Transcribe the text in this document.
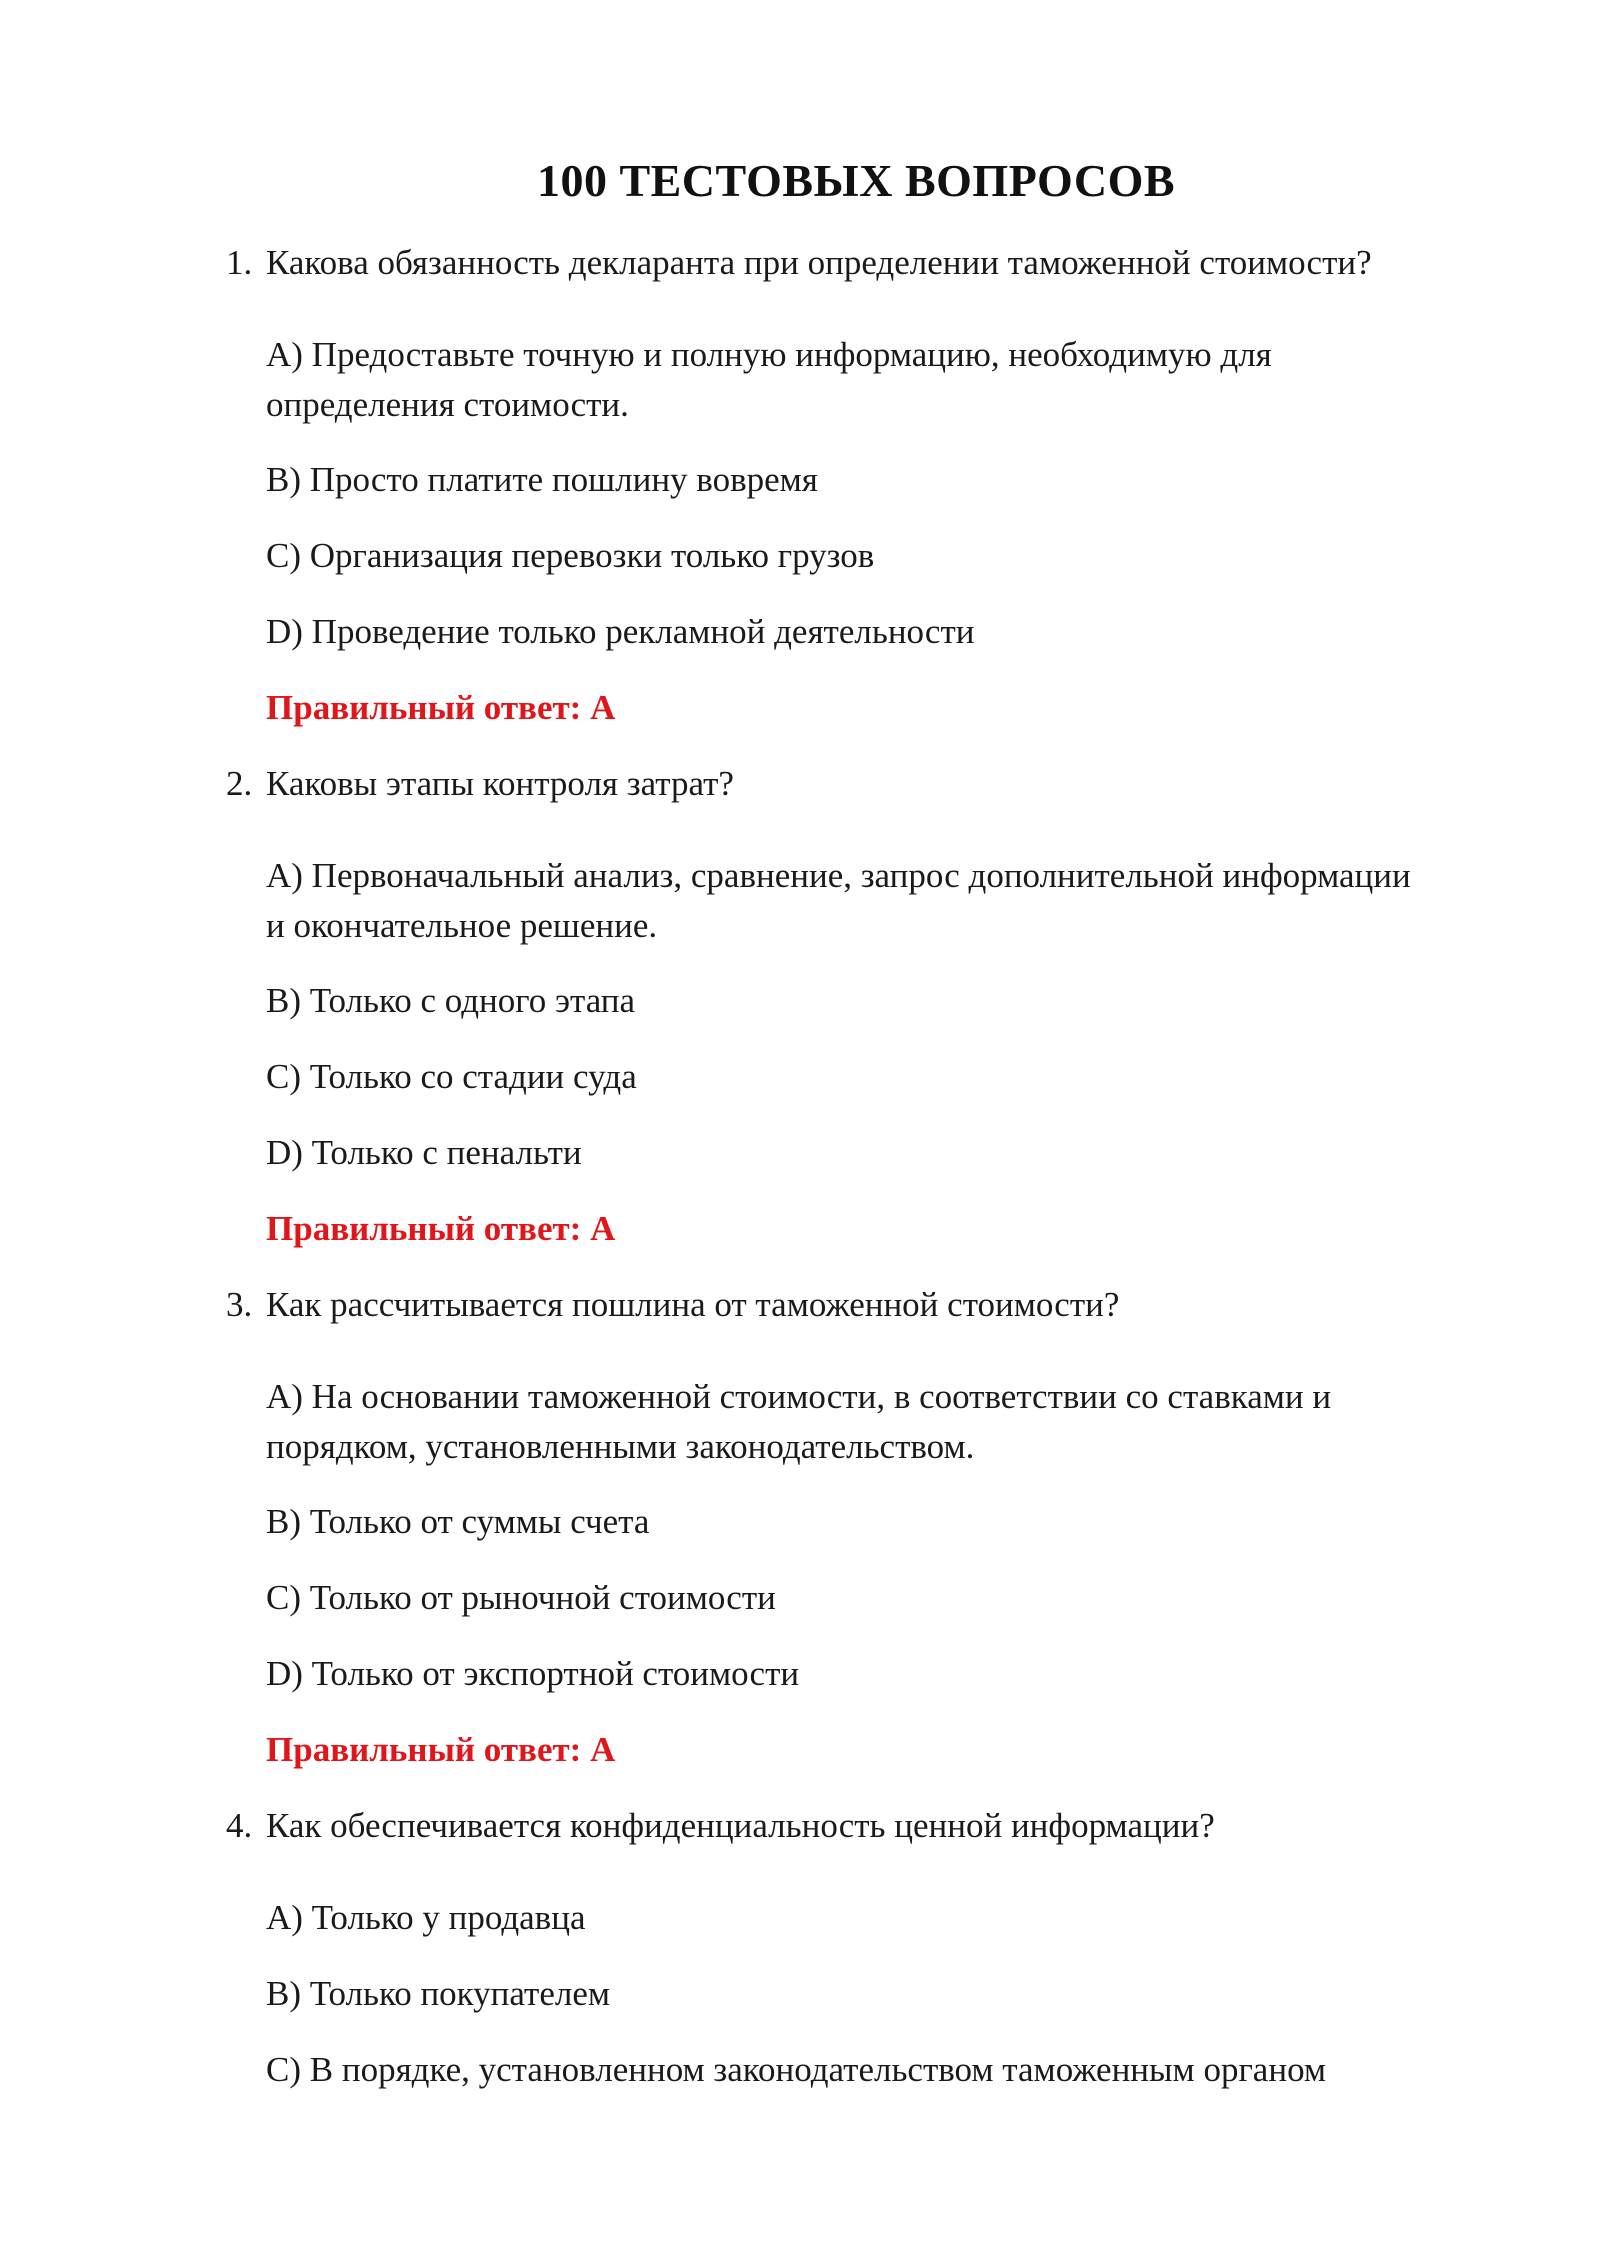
100 ТЕСТОВЫХ ВОПРОСОВ
1. Какова обязанность декларанта при определении таможенной стоимости?
A) Предоставьте точную и полную информацию, необходимую для определения стоимости.
B) Просто платите пошлину вовремя
C) Организация перевозки только грузов
D) Проведение только рекламной деятельности
Правильный ответ: A
2. Каковы этапы контроля затрат?
A) Первоначальный анализ, сравнение, запрос дополнительной информации и окончательное решение.
B) Только с одного этапа
C) Только со стадии суда
D) Только с пенальти
Правильный ответ: A
3. Как рассчитывается пошлина от таможенной стоимости?
A) На основании таможенной стоимости, в соответствии со ставками и порядком, установленными законодательством.
B) Только от суммы счета
C) Только от рыночной стоимости
D) Только от экспортной стоимости
Правильный ответ: A
4. Как обеспечивается конфиденциальность ценной информации?
A) Только у продавца
B) Только покупателем
C) В порядке, установленном законодательством таможенным органом
